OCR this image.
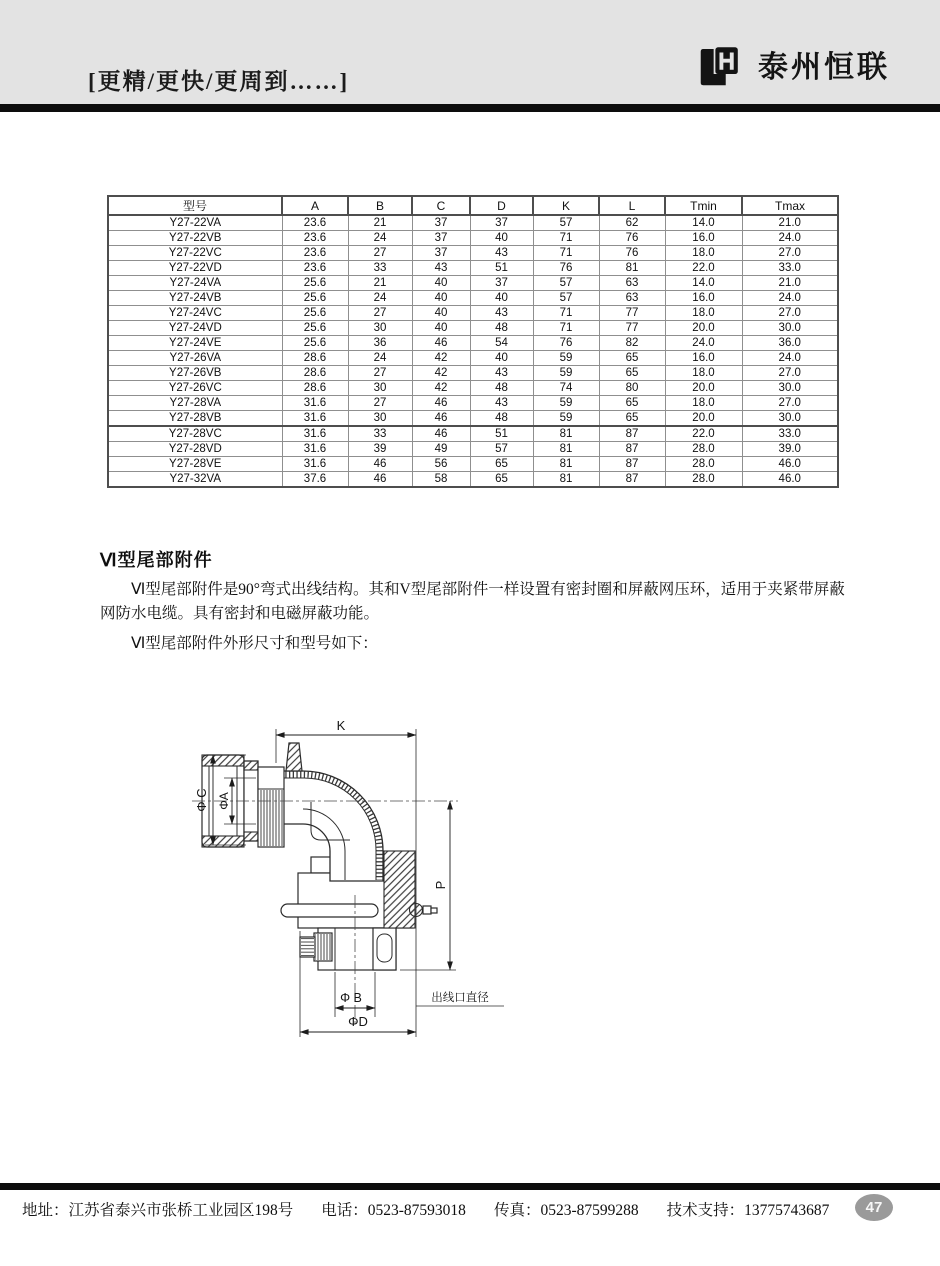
[更精/更快/更周到……]	泰州恒联
型号	A	B	C	D	K	L	Tmin	Tmax
Y27-22VA	23.6	21	37	37	57	62	14.0	21.0
Y27-22VB	23.6	24	37	40	71	76	16.0	24.0
Y27-22VC	23.6	27	37	43	71	76	18.0	27.0
Y27-22VD	23.6	33	43	51	76	81	22.0	33.0
Y27-24VA	25.6	21	40	37	57	63	14.0	21.0
Y27-24VB	25.6	24	40	40	57	63	16.0	24.0
Y27-24VC	25.6	27	40	43	71	77	18.0	27.0
Y27-24VD	25.6	30	40	48	71	77	20.0	30.0
Y27-24VE	25.6	36	46	54	76	82	24.0	36.0
Y27-26VA	28.6	24	42	40	59	65	16.0	24.0
Y27-26VB	28.6	27	42	43	59	65	18.0	27.0
Y27-26VC	28.6	30	42	48	74	80	20.0	30.0
Y27-28VA	31.6	27	46	43	59	65	18.0	27.0
Y27-28VB	31.6	30	46	48	59	65	20.0	30.0
Y27-28VC	31.6	33	46	51	81	87	22.0	33.0
Y27-28VD	31.6	39	49	57	81	87	28.0	39.0
Y27-28VE	31.6	46	56	65	81	87	28.0	46.0
Y27-32VA	37.6	46	58	65	81	87	28.0	46.0
Ⅵ型尾部附件

Ⅵ型尾部附件是90°弯式出线结构。其和V型尾部附件一样设置有密封圈和屏蔽网压环，适用于夹紧带屏蔽网防水电缆。具有密封和电磁屏蔽功能。

Ⅵ型尾部附件外形尺寸和型号如下：

K
Φ C ΦA
P
Φ B
ΦD
出线口直径
地址：江苏省泰兴市张桥工业园区198号 电话：0523-87593018 传真：0523-87599288 技术支持：13775743687	47
